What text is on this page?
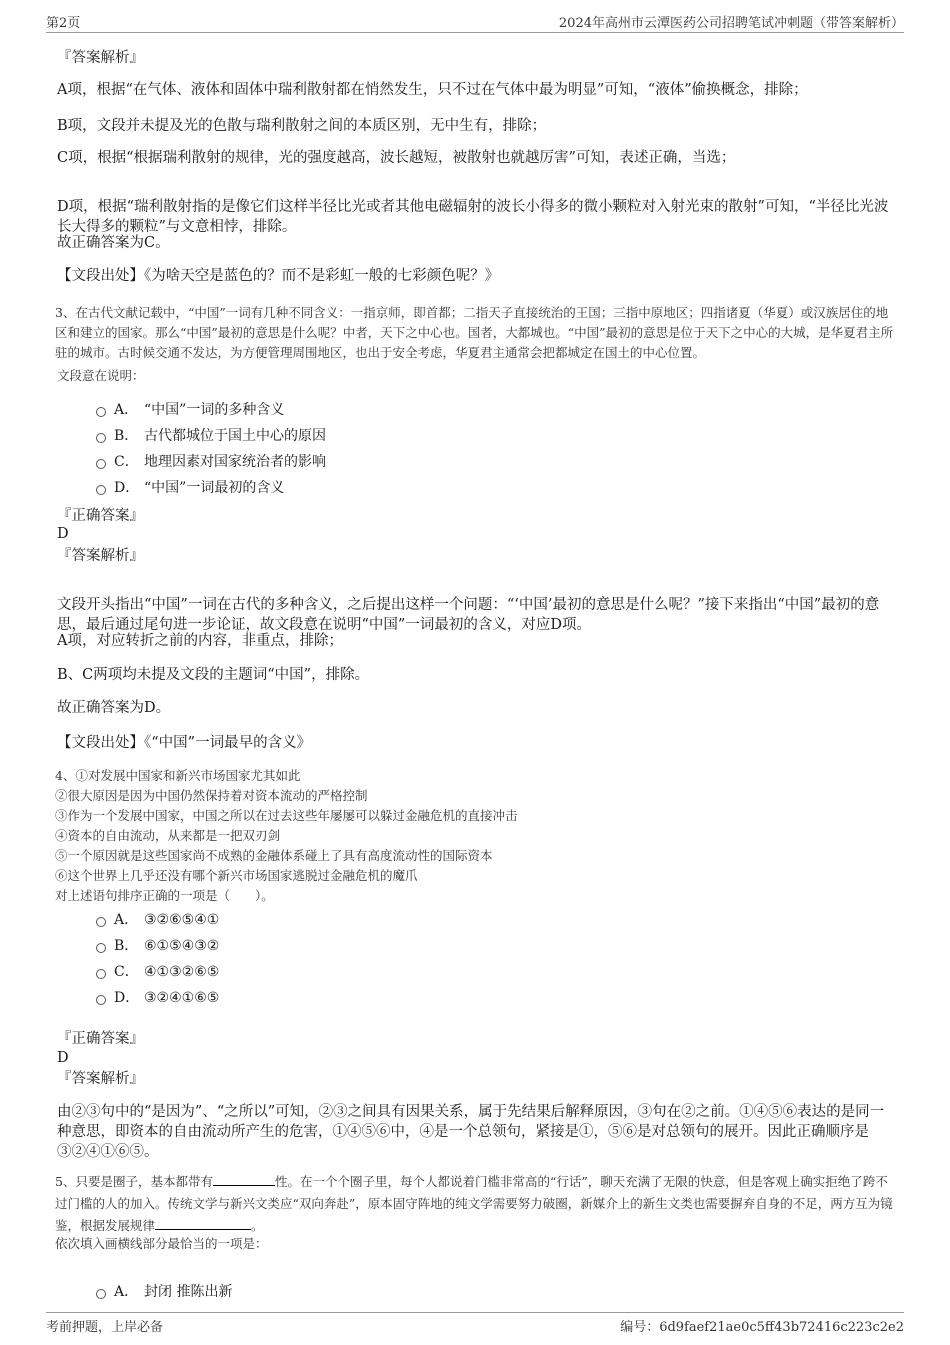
第2页	2024年高州市云潭医药公司招聘笔试冲刺题（带答案解析）

『答案解析』

A项，根据“在气体、液体和固体中瑞利散射都在悄然发生，只不过在气体中最为明显”可知，“液体”偷换概念，排除；

B项，文段并未提及光的色散与瑞利散射之间的本质区别，无中生有，排除；

C项，根据“根据瑞利散射的规律，光的强度越高，波长越短，被散射也就越厉害”可知，表述正确，当选；

D项，根据“瑞利散射指的是像它们这样半径比光或者其他电磁辐射的波长小得多的微小颗粒对入射光束的散射”可知，“半径比光波长大得多的颗粒”与文意相悖，排除。

故正确答案为C。

【文段出处】《为啥天空是蓝色的？而不是彩虹一般的七彩颜色呢？》

3、在古代文献记载中，“中国”一词有几种不同含义：一指京师，即首都；二指天子直接统治的王国；三指中原地区；四指诸夏（华夏）或汉族居住的地区和建立的国家。那么“中国”最初的意思是什么呢？中者，天下之中心也。国者，大都城也。“中国”最初的意思是位于天下之中心的大城，是华夏君主所驻的城市。古时候交通不发达，为方便管理周围地区，也出于安全考虑，华夏君主通常会把都城定在国土的中心位置。

文段意在说明：

A． “中国”一词的多种含义
B． 古代都城位于国土中心的原因
C． 地理因素对国家统治者的影响
D． “中国”一词最初的含义

『正确答案』

D

『答案解析』

文段开头指出“中国”一词在古代的多种含义，之后提出这样一个问题：“‘中国’最初的意思是什么呢？”接下来指出“中国”最初的意思，最后通过尾句进一步论证，故文段意在说明“中国”一词最初的含义，对应D项。

A项，对应转折之前的内容，非重点，排除；

B、C两项均未提及文段的主题词“中国”，排除。

故正确答案为D。

【文段出处】《“中国”一词最早的含义》

4、①对发展中国家和新兴市场国家尤其如此

②很大原因是因为中国仍然保持着对资本流动的严格控制

③作为一个发展中国家，中国之所以在过去这些年屡屡可以躲过金融危机的直接冲击

④资本的自由流动，从来都是一把双刃剑

⑤一个原因就是这些国家尚不成熟的金融体系碰上了具有高度流动性的国际资本

⑥这个世界上几乎还没有哪个新兴市场国家逃脱过金融危机的魔爪

对上述语句排序正确的一项是（　　）。

A． ③②⑥⑤④①
B． ⑥①⑤④③②
C． ④①③②⑥⑤
D． ③②④①⑥⑤

『正确答案』

D

『答案解析』

由②③句中的“是因为”、“之所以”可知，②③之间具有因果关系，属于先结果后解释原因，③句在②之前。①④⑤⑥表达的是同一种意思，即资本的自由流动所产生的危害，①④⑤⑥中，④是一个总领句，紧接是①，⑤⑥是对总领句的展开。因此正确顺序是③②④①⑥⑤。

5、只要是圈子，基本都带有	性。在一个个圈子里，每个人都说着门槛非常高的“行话”，聊天充满了无限的快意，但是客观上确实拒绝了跨不过门槛的人的加入。传统文学与新兴文类应“双向奔赴”，原本固守阵地的纯文学需要努力破圈，新媒介上的新生文类也需要摒弃自身的不足，两方互为镜鉴，根据发展规律	。

依次填入画横线部分最恰当的一项是：

A． 封闭 推陈出新
考前押题，上岸必备	编号：6d9faef21ae0c5ff43b72416c223c2e2
